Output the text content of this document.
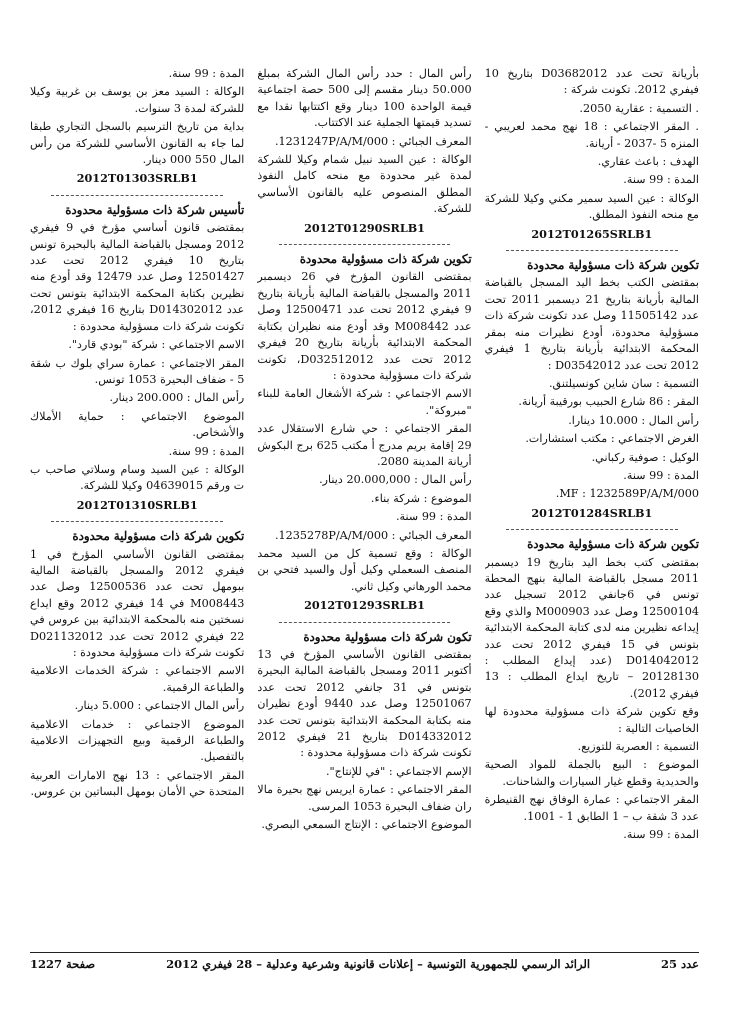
بأريانة تحت عدد D03682012 بتاريخ 10 فيفري 2012. تكونت شركة :

. التسمية : عقارية 2050.

. المقر الاجتماعي : 18 نهج محمد لعريبي - المنزه 5 -2037 - أريانة.

الهدف : باعث عقاري.

المدة : 99 سنة.

الوكالة : عين السيد سمير مكني وكيلا للشركة مع منحه النفوذ المطلق.

2012T01265SRLB1

تكوين شركة ذات مسؤولية محدودة

بمقتضى الكتب بخط اليد المسجل بالقباضة المالية بأريانة بتاريخ 21 ديسمبر 2011 تحت عدد 11505142 وصل عدد تكونت شركة ذات مسؤولية محدودة، أودع نظيرات منه بمقر المحكمة الابتدائية بأريانة بتاريخ 1 فيفري 2012 تحت عدد D03542012 :

التسمية : سان شاين كونسيلتنق.

المقر : 86 شارع الحبيب بورقيبة أريانة.

رأس المال : 10.000 دينارا.

الغرض الاجتماعي : مكتب استشارات.

الوكيل : صوفية ركباني.

المدة : 99 سنة.

MF : 1232589P/A/M/000.

2012T01284SRLB1

تكوين شركة ذات مسؤولية محدودة

بمقتضى كتب بخط اليد بتاريخ 19 ديسمبر 2011 مسجل بالقباضة المالية بنهج المحطة تونس في 6جانفي 2012 تسجيل عدد 12500104 وصل عدد M000903 والذي وقع إيداعه نظيرين منه لدى كتابة المحكمة الابتدائية بتونس في 15 فيفري 2012 تحت عدد D014042012 (عدد إيداع المطلب : 20128130 – تاريخ ايداع المطلب : 13 فيفري 2012).

وقع تكوين شركة ذات مسؤولية محدودة لها الخاصيات التالية :

التسمية : العصرية للتوزيع.

الموضوع : البيع بالجملة للمواد الصحية والحديدية وقطع غيار السيارات والشاحنات.

المقر الاجتماعي : عمارة الوفاق نهج القنيطرة عدد 3 شقة ب – 1 الطابق 1 - 1001.

المدة : 99 سنة.

رأس المال : حدد رأس المال الشركة بمبلغ 50.000 دينار مقسم إلى 500 حصة اجتماعية قيمة الواحدة 100 دينار وقع اكتتابها نقدا مع تسديد قيمتها الجملية عند الاكتتاب.

المعرف الجبائي : 1231247P/A/M/000.

الوكالة : عين السيد نبيل شمام وكيلا للشركة لمدة غير محدودة مع منحه كامل النفوذ المطلق المنصوص عليه بالقانون الأساسي للشركة.

2012T01290SRLB1

تكوين شركة ذات مسؤولية محدودة

بمقتضى القانون المؤرخ في 26 ديسمبر 2011 والمسجل بالقباضة المالية بأريانة بتاريخ 9 فيفري 2012 تحت عدد 12500471 وصل عدد M008442 وقد أودع منه نظيران بكتابة المحكمة الابتدائية بأريانة بتاريخ 20 فيفري 2012 تحت عدد D032512012، تكونت شركة ذات مسؤولية محدودة :

الاسم الاجتماعي : شركة الأشغال العامة للبناء "مبروكة".

المقر الاجتماعي : حي شارع الاستقلال عدد 29 إقامة بريم مدرج أ مكتب 625 برج البكوش أريانة المدينة 2080.

رأس المال : 20.000,000 دينار.

الموضوع : شركة بناء.

المدة : 99 سنة.

المعرف الجبائي : 1235278P/A/M/000.

الوكالة : وقع تسمية كل من السيد محمد المنصف السعملي وكيل أول والسيد فتحي بن محمد الورهاني وكيل ثاني.

2012T01293SRLB1

تكون شركة ذات مسؤولية محدودة

بمقتضى القانون الأساسي المؤرخ في 13 أكتوبر 2011 ومسجل بالقباضة المالية البحيرة بتونس في 31 جانفي 2012 تحت عدد 12501067 وصل عدد 9440 أودع نظيران منه بكتابة المحكمة الابتدائية بتونس تحت عدد D014332012 بتاريخ 21 فيفري 2012 تكونت شركة ذات مسؤولية محدودة :

الإسم الاجتماعي : "في للإنتاج".

المقر الاجتماعي : عمارة ايريس نهج بحيرة مالا ران ضفاف البحيرة 1053 المرسى.

الموضوع الاجتماعي : الإنتاج السمعي البصري.

المدة : 99 سنة.

الوكالة : السيد معز بن يوسف بن غربية وكيلا للشركة لمدة 3 سنوات.

بداية من تاريخ الترسيم بالسجل التجاري طبقا لما جاء به القانون الأساسي للشركة من رأس المال 550 000 دينار.

2012T01303SRLB1

تأسيس شركة ذات مسؤولية محدودة

بمقتضى قانون أساسي مؤرخ في 9 فيفري 2012 ومسجل بالقباضة المالية بالبحيرة تونس بتاريخ 10 فيفري 2012 تحت عدد 12501427 وصل عدد 12479 وقد أودع منه نظيرين بكتابة المحكمة الابتدائية بتونس تحت عدد D014302012 بتاريخ 16 فيفري 2012، تكونت شركة ذات مسؤولية محدودة :

الاسم الاجتماعي : شركة "بودي قارد".

المقر الاجتماعي : عمارة سراي بلوك ب شقة 5 - ضفاف البحيرة 1053 تونس.

رأس المال : 200.000 دينار.

الموضوع الاجتماعي : حماية الأملاك والأشخاص.

المدة : 99 سنة.

الوكالة : عين السيد وسام وسلاتي صاحب ب ت ورقم 04639015 وكيلا للشركة.

2012T01310SRLB1

تكوين شركة ذات مسؤولية محدودة

بمقتضى القانون الأساسي المؤرخ في 1 فيفري 2012 والمسجل بالقباضة المالية ببومهل تحت عدد 12500536 وصل عدد M008443 في 14 فيفري 2012 وقع ايداع نسختين منه بالمحكمة الابتدائية بين عروس في 22 فيفري 2012 تحت عدد D021132012 تكونت شركة ذات مسؤولية محدودة :

الاسم الاجتماعي : شركة الخدمات الاعلامية والطباعة الرقمية.

رأس المال الاجتماعي : 5.000 دينار.

الموضوع الاجتماعي : خدمات الاعلامية والطباعة الرقمية وبيع التجهيزات الاعلامية بالتفصيل.

المقر الاجتماعي : 13 نهج الامارات العربية المتحدة حي الأمان بومهل البساتين بن عروس.

عدد 25
الرائد الرسمي للجمهورية التونسية – إعلانات قانونية وشرعية وعدلية – 28 فيفري 2012
صفحة 1227
